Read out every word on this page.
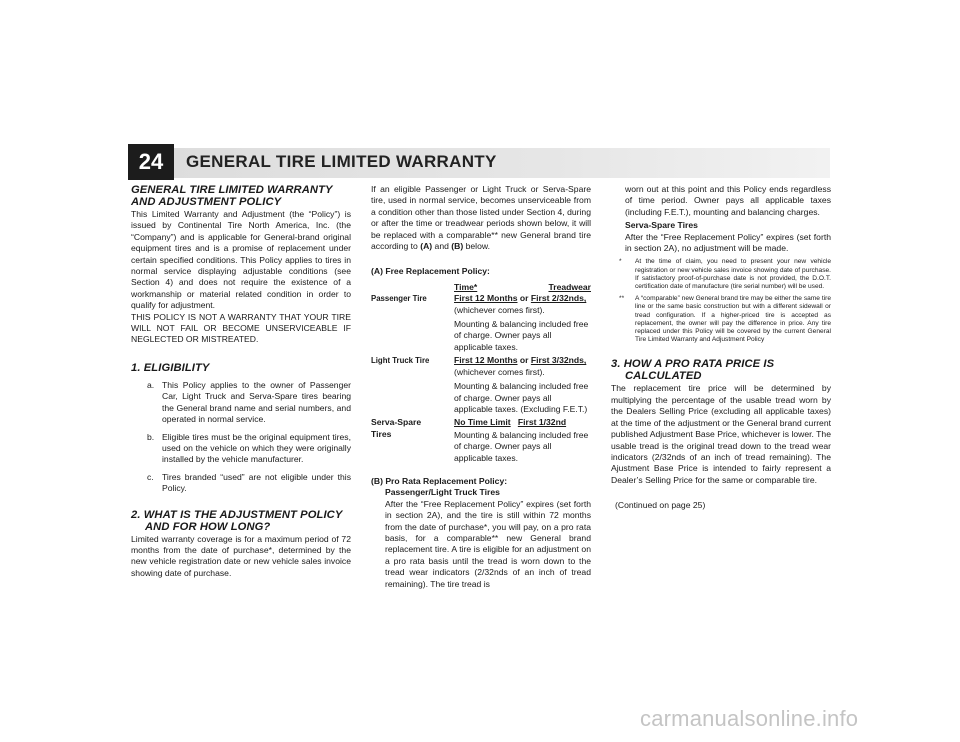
24	GENERAL TIRE LIMITED WARRANTY
GENERAL TIRE LIMITED WARRANTY
AND ADJUSTMENT POLICY

This Limited Warranty and Adjustment (the “Policy”) is issued by Continental Tire North America, Inc. (the “Company”) and is applicable for General-brand original equipment tires and is a promise of replacement under certain specified conditions. This Policy applies to tires in normal service displaying adjustable conditions (see Section 4) and does not require the existence of a workmanship or material related condition in order to qualify for adjustment.

THIS POLICY IS NOT A WARRANTY THAT YOUR TIRE WILL NOT FAIL OR BECOME UNSERVICEABLE IF NEGLECTED OR MISTREATED.

1. ELIGIBILITY
a. This Policy applies to the owner of Passenger Car, Light Truck and Serva-Spare tires bearing the General brand name and serial numbers, and operated in normal service.
b. Eligible tires must be the original equipment tires, used on the vehicle on which they were originally installed by the vehicle manufacturer.
c. Tires branded “used” are not eligible under this Policy.
2. WHAT IS THE ADJUSTMENT POLICY
AND FOR HOW LONG?

Limited warranty coverage is for a maximum period of 72 months from the date of purchase*, determined by the new vehicle registration date or new vehicle sales invoice showing date of purchase.

If an eligible Passenger or Light Truck or Serva-Spare tire, used in normal service, becomes unserviceable from a condition other than those listed under Section 4, during or after the time or treadwear periods shown below, it will be replaced with a comparable** new General brand tire according to (A) and (B) below.

(A) Free Replacement Policy:
Time*	Treadwear
Passenger Tire	First 12 Months or First 2/32nds,
(whichever comes first).

Mounting & balancing included free of charge. Owner pays all applicable taxes.

Light Truck Tire	First 12 Months or First 3/32nds,
(whichever comes first).

Mounting & balancing included free of charge. Owner pays all applicable taxes. (Excluding F.E.T.)

Serva-Spare
Tires
No Time Limit First 1/32nd

Mounting & balancing included free of charge. Owner pays all applicable taxes.

(B) Pro Rata Replacement Policy:
Passenger/Light Truck Tires

After the “Free Replacement Policy” expires (set forth in section 2A), and the tire is still within 72 months from the date of purchase*, you will pay, on a pro rata basis, for a comparable** new General brand replacement tire. A tire is eligible for an adjustment on a pro rata basis until the tread is worn down to the tread wear indicators (2/32nds of an inch of tread remaining). The tire tread is

worn out at this point and this Policy ends regardless of time period. Owner pays all applicable taxes (including F.E.T.), mounting and balancing charges.

Serva-Spare Tires

After the “Free Replacement Policy” expires (set forth in section 2A), no adjustment will be made.

* At the time of claim, you need to present your new vehicle registration or new vehicle sales invoice showing date of purchase. If satisfactory proof-of-purchase date is not provided, the D.O.T. certification date of manufacture (tire serial number) will be used.
** A “comparable” new General brand tire may be either the same tire line or the same basic construction but with a different sidewall or tread configuration. If a higher-priced tire is accepted as replacement, the owner will pay the difference in price. Any tire replaced under this Policy will be covered by the current General Tire Limited Warranty and Adjustment Policy
3. HOW A PRO RATA PRICE IS
CALCULATED

The replacement tire price will be determined by multiplying the percentage of the usable tread worn by the Dealers Selling Price (excluding all applicable taxes) at the time of the adjustment or the General brand current published Adjustment Base Price, whichever is lower. The usable tread is the original tread down to the tread wear indicators (2/32nds of an inch of tread remaining). The Ajustment Base Price is intended to fairly represent a Dealer’s Selling Price for the same or comparable tire.

(Continued on page 25)
carmanualsonline.info
